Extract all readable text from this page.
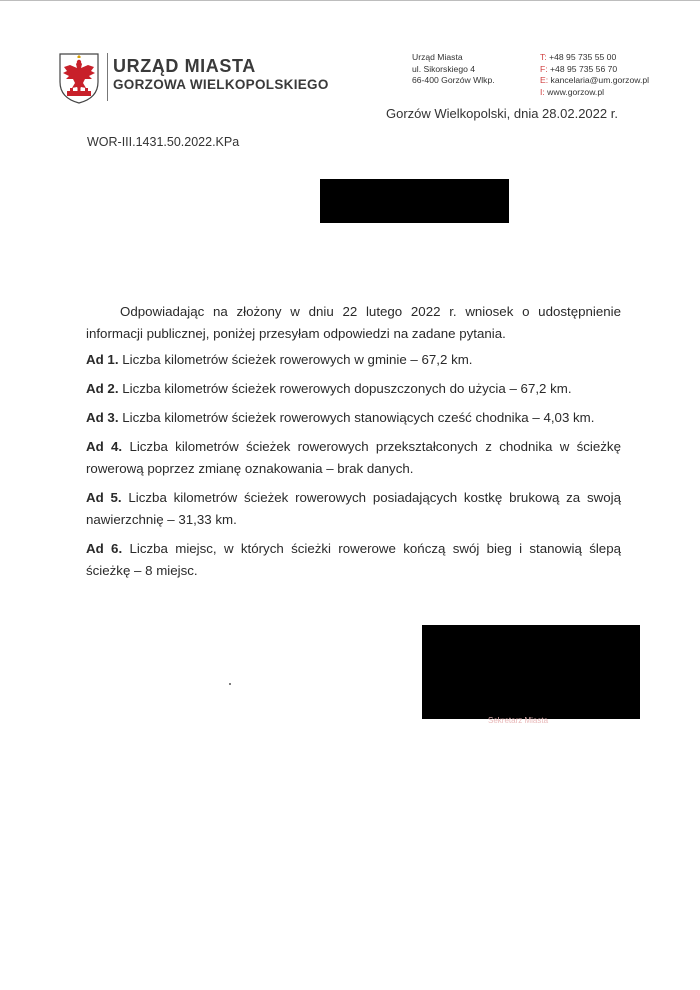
URZĄD MIASTA
GORZOWA WIELKOPOLSKIEGO
Urząd Miasta
ul. Sikorskiego 4
66-400 Gorzów Wlkp.
T: +48 95 735 55 00
F: +48 95 735 56 70
E: kancelaria@um.gorzow.pl
I: www.gorzow.pl
Gorzów Wielkopolski, dnia 28.02.2022 r.
WOR-III.1431.50.2022.KPa

Odpowiadając na złożony w dniu 22 lutego 2022 r. wniosek o udostępnienie informacji publicznej, poniżej przesyłam odpowiedzi na zadane pytania.

Ad 1. Liczba kilometrów ścieżek rowerowych w gminie – 67,2 km.

Ad 2. Liczba kilometrów ścieżek rowerowych dopuszczonych do użycia – 67,2 km.

Ad 3. Liczba kilometrów ścieżek rowerowych stanowiących cześć chodnika – 4,03 km.

Ad 4. Liczba kilometrów ścieżek rowerowych przekształconych z chodnika w ścieżkę rowerową poprzez zmianę oznakowania – brak danych.

Ad 5. Liczba kilometrów ścieżek rowerowych posiadających kostkę brukową za swoją nawierzchnię – 31,33 km.

Ad 6. Liczba miejsc, w których ścieżki rowerowe kończą swój bieg i stanowią ślepą ścieżkę – 8 miejsc.

Sekretarz Miasta
